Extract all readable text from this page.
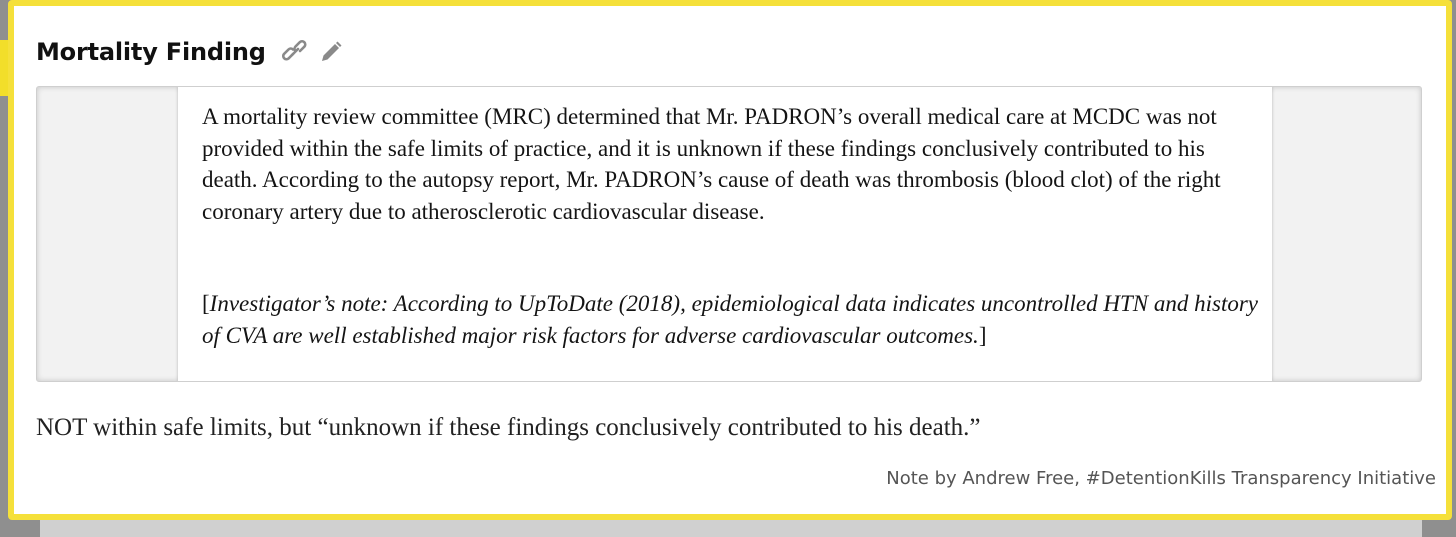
Mortality Finding

A mortality review committee (MRC) determined that Mr. PADRON’s overall medical care at MCDC was not provided within the safe limits of practice, and it is unknown if these findings conclusively contributed to his death. According to the autopsy report, Mr. PADRON’s cause of death was thrombosis (blood clot) of the right coronary artery due to atherosclerotic cardiovascular disease.

[Investigator’s note: According to UpToDate (2018), epidemiological data indicates uncontrolled HTN and history of CVA are well established major risk factors for adverse cardiovascular outcomes.]

NOT within safe limits, but “unknown if these findings conclusively contributed to his death.”

Note by Andrew Free, #DetentionKills Transparency Initiative
